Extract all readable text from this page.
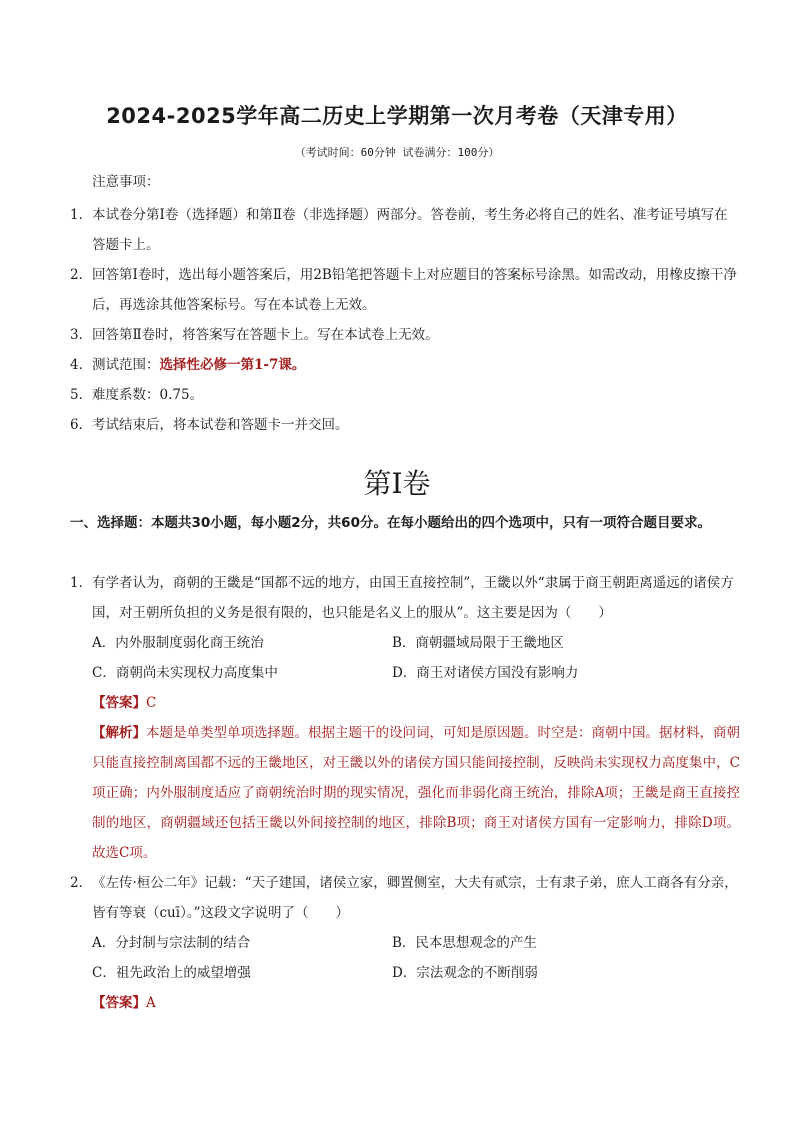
2024-2025学年高二历史上学期第一次月考卷（天津专用）
（考试时间：60分钟 试卷满分：100分）
注意事项：
1． 本试卷分第Ⅰ卷（选择题）和第Ⅱ卷（非选择题）两部分。答卷前，考生务必将自己的姓名、准考证号填写在答题卡上。
2． 回答第Ⅰ卷时，选出每小题答案后，用2B铅笔把答题卡上对应题目的答案标号涂黑。如需改动，用橡皮擦干净后，再选涂其他答案标号。写在本试卷上无效。
3． 回答第Ⅱ卷时，将答案写在答题卡上。写在本试卷上无效。
4． 测试范围：选择性必修一第1-7课。
5． 难度系数：0.75。
6． 考试结束后，将本试卷和答题卡一并交回。
第Ⅰ卷
一、选择题：本题共30小题，每小题2分，共60分。在每小题给出的四个选项中，只有一项符合题目要求。
1． 有学者认为，商朝的王畿是“国都不远的地方，由国王直接控制”，王畿以外“隶属于商王朝距离遥远的诸侯方国，对王朝所负担的义务是很有限的，也只能是名义上的服从”。这主要是因为（　　）
A．内外服制度弱化商王统治	B．商朝疆域局限于王畿地区
C．商朝尚未实现权力高度集中	D．商王对诸侯方国没有影响力
【答案】C
【解析】本题是单类型单项选择题。根据主题干的设问词，可知是原因题。时空是：商朝中国。据材料，商朝只能直接控制离国都不远的王畿地区，对王畿以外的诸侯方国只能间接控制，反映尚未实现权力高度集中，C项正确；内外服制度适应了商朝统治时期的现实情况，强化而非弱化商王统治，排除A项；王畿是商王直接控制的地区，商朝疆域还包括王畿以外间接控制的地区，排除B项；商王对诸侯方国有一定影响力，排除D项。故选C项。
2． 《左传·桓公二年》记载：“天子建国，诸侯立家，卿置侧室，大夫有贰宗，士有隶子弟，庶人工商各有分亲，皆有等衰（cuī）。”这段文字说明了（　　）
A．分封制与宗法制的结合	B．民本思想观念的产生
C．祖先政治上的威望增强	D．宗法观念的不断削弱
【答案】A
